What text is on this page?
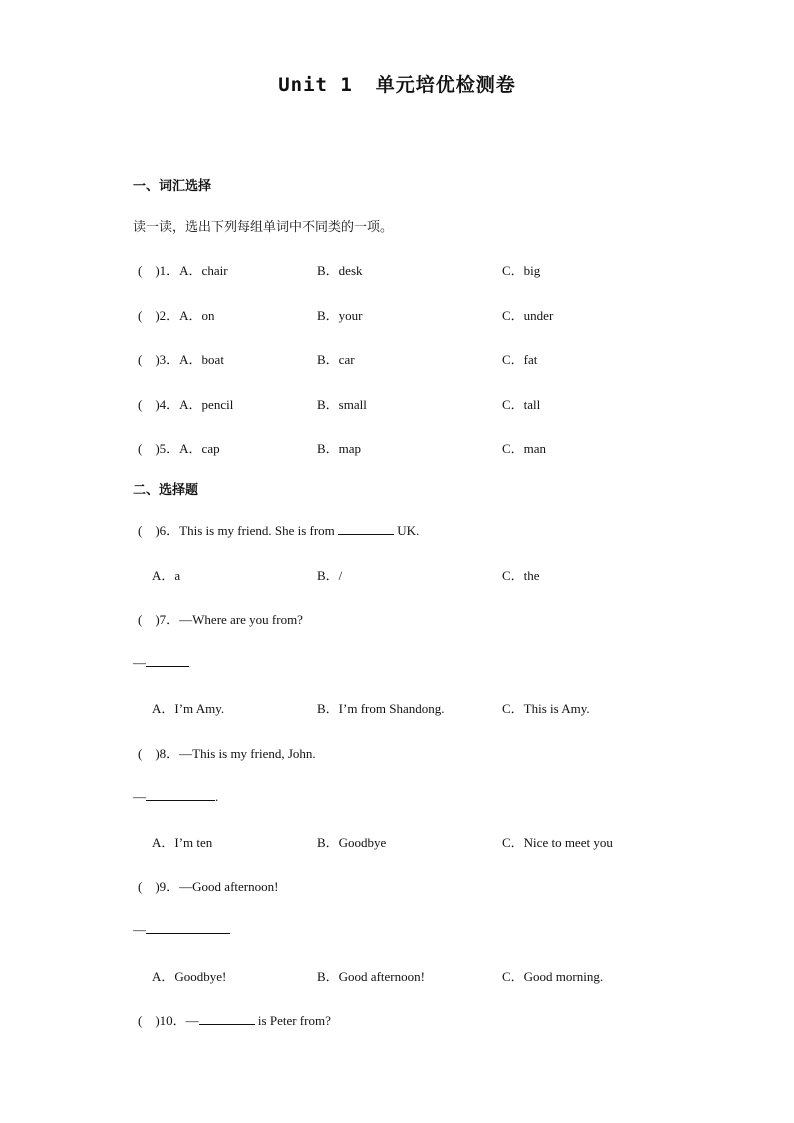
Unit 1 单元培优检测卷
一、词汇选择
读一读，选出下列每组单词中不同类的一项。
(　)1．A．chair	B．desk	C．big
(　)2．A．on	B．your	C．under
(　)3．A．boat	B．car	C．fat
(　)4．A．pencil	B．small	C．tall
(　)5．A．cap	B．map	C．man
二、选择题
(　)6．This is my friend. She is from	UK.
A．a	B．/	C．the
(　)7．—Where are you from?
—
A．I’m Amy.	B．I’m from Shandong.	C．This is Amy.
(　)8．—This is my friend, John.
—	.
A．I’m ten	B．Goodbye	C．Nice to meet you
(　)9．—Good afternoon!
—
A．Goodbye!	B．Good afternoon!	C．Good morning.
(　)10．—	is Peter from?
